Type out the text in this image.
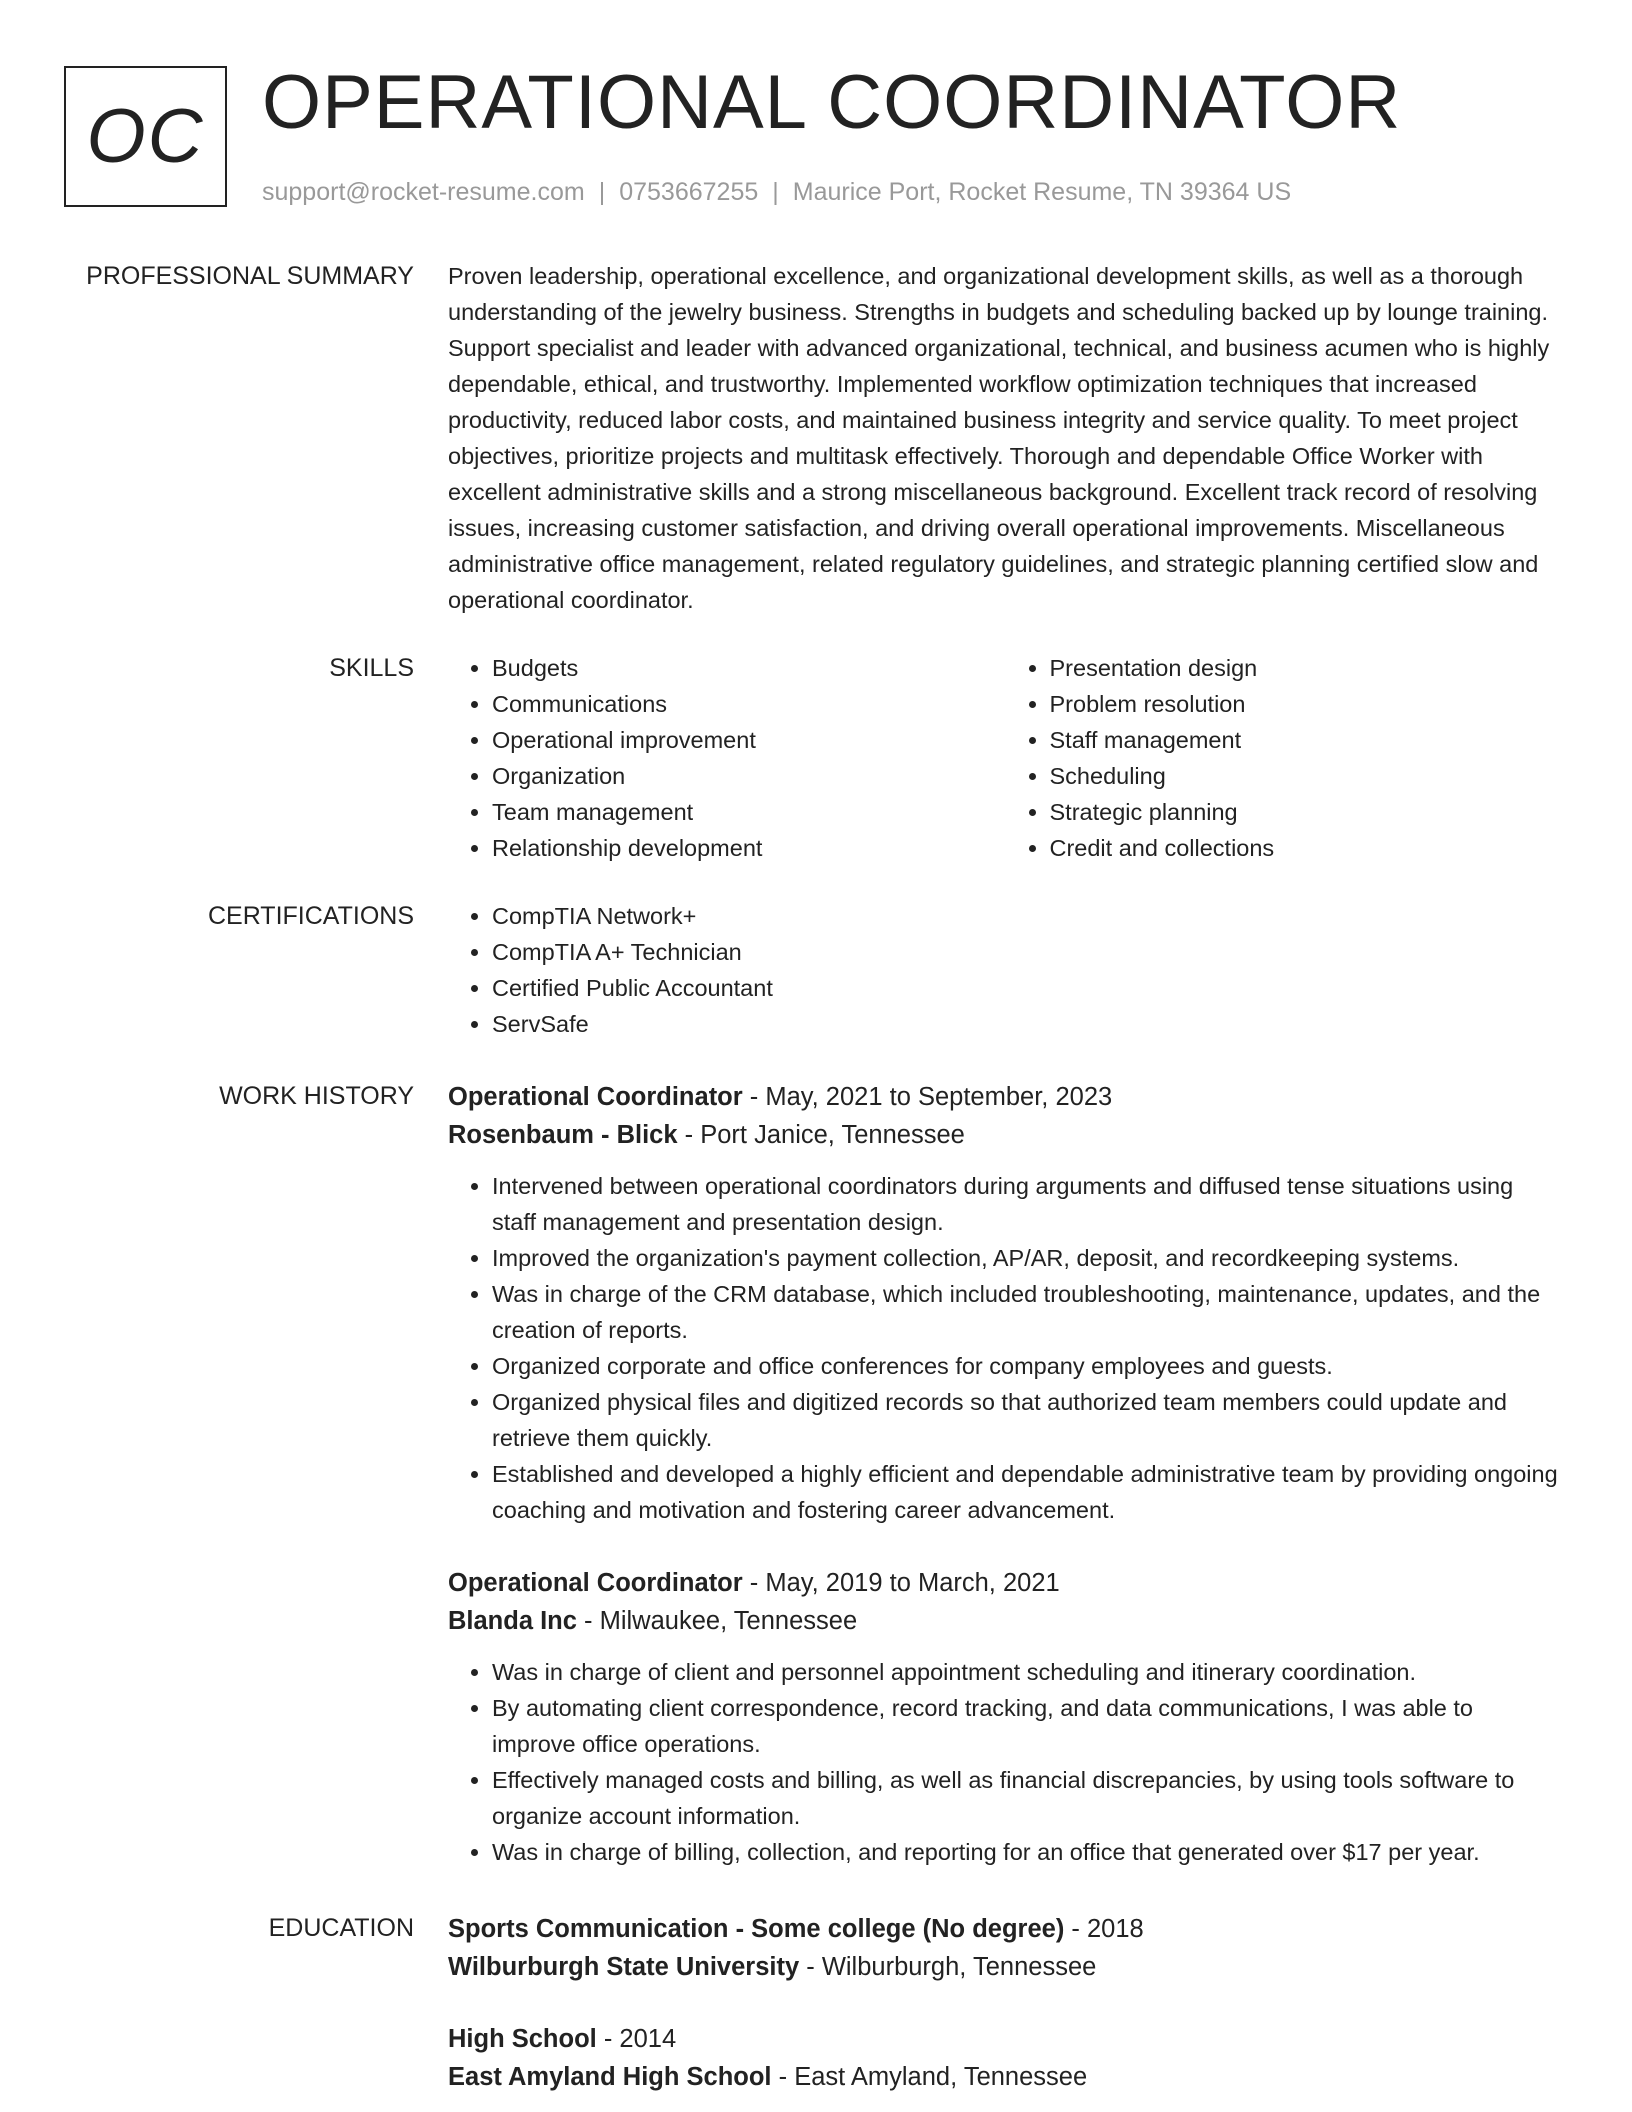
OC OPERATIONAL COORDINATOR
support@rocket-resume.com | 0753667255 | Maurice Port, Rocket Resume, TN 39364 US
PROFESSIONAL SUMMARY Proven leadership, operational excellence, and organizational development skills, as well as a thorough understanding of the jewelry business. Strengths in budgets and scheduling backed up by lounge training. Support specialist and leader with advanced organizational, technical, and business acumen who is highly dependable, ethical, and trustworthy. Implemented workflow optimization techniques that increased productivity, reduced labor costs, and maintained business integrity and service quality. To meet project objectives, prioritize projects and multitask effectively. Thorough and dependable Office Worker with excellent administrative skills and a strong miscellaneous background. Excellent track record of resolving issues, increasing customer satisfaction, and driving overall operational improvements. Miscellaneous administrative office management, related regulatory guidelines, and strategic planning certified slow and operational coordinator.
SKILLS	• Budgets
• Communications
• Operational improvement
• Organization
• Team management
• Relationship development
• Presentation design
• Problem resolution
• Staff management
• Scheduling
• Strategic planning
• Credit and collections
CERTIFICATIONS	• CompTIA Network+
• CompTIA A+ Technician
• Certified Public Accountant
• ServSafe
WORK HISTORY Operational Coordinator - May, 2021 to September, 2023
Rosenbaum - Blick - Port Janice, Tennessee
• Intervened between operational coordinators during arguments and diffused tense situations using staff management and presentation design.
• Improved the organization's payment collection, AP/AR, deposit, and recordkeeping systems.
• Was in charge of the CRM database, which included troubleshooting, maintenance, updates, and the creation of reports.
• Organized corporate and office conferences for company employees and guests.
• Organized physical files and digitized records so that authorized team members could update and retrieve them quickly.
• Established and developed a highly efficient and dependable administrative team by providing ongoing coaching and motivation and fostering career advancement.
Operational Coordinator - May, 2019 to March, 2021
Blanda Inc - Milwaukee, Tennessee
• Was in charge of client and personnel appointment scheduling and itinerary coordination.
• By automating client correspondence, record tracking, and data communications, I was able to improve office operations.
• Effectively managed costs and billing, as well as financial discrepancies, by using tools software to organize account information.
• Was in charge of billing, collection, and reporting for an office that generated over $17 per year.
EDUCATION Sports Communication - Some college (No degree) - 2018
Wilburburgh State University - Wilburburgh, Tennessee
High School - 2014
East Amyland High School - East Amyland, Tennessee
